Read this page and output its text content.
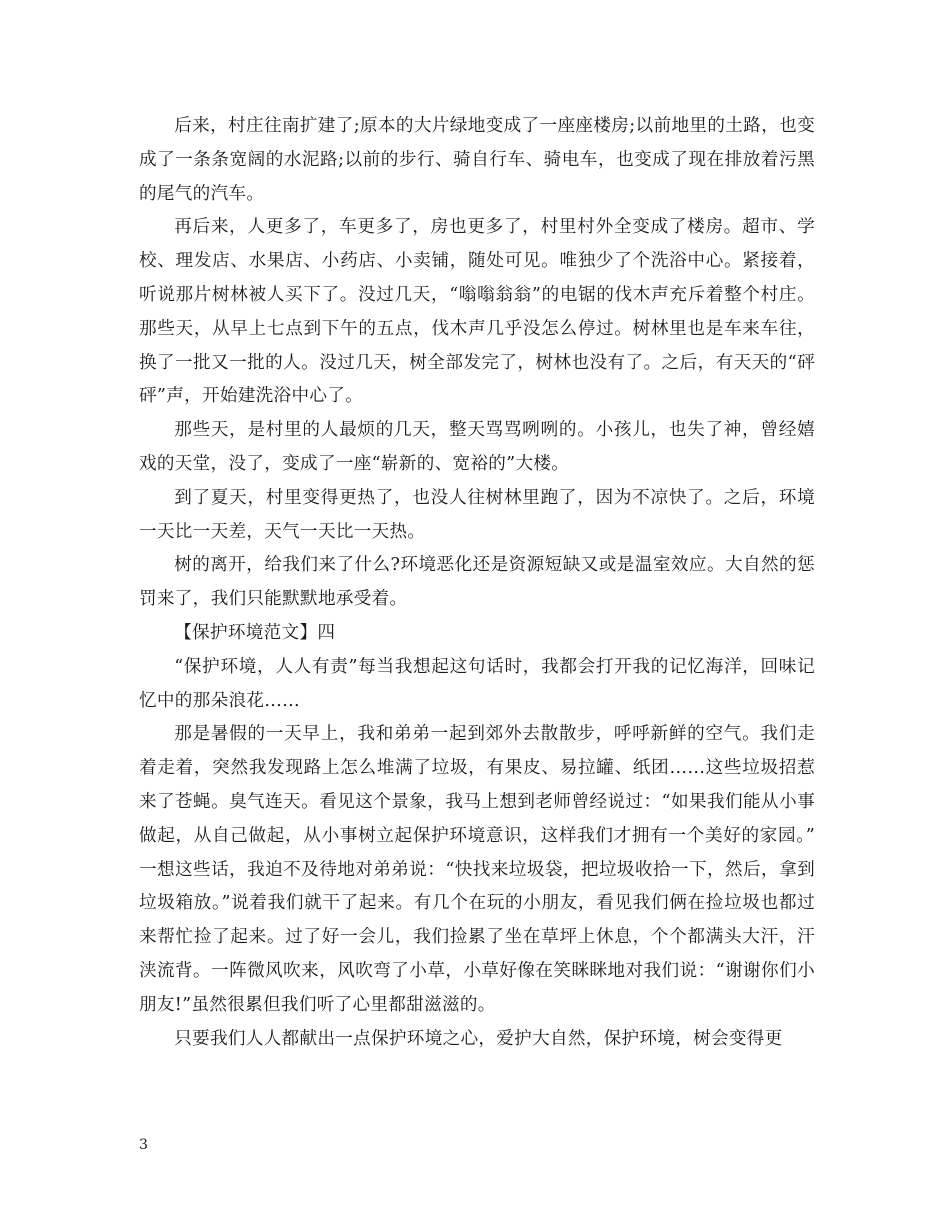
后来，村庄往南扩建了;原本的大片绿地变成了一座座楼房;以前地里的土路，也变成了一条条宽阔的水泥路;以前的步行、骑自行车、骑电车，也变成了现在排放着污黑的尾气的汽车。

再后来，人更多了，车更多了，房也更多了，村里村外全变成了楼房。超市、学校、理发店、水果店、小药店、小卖铺，随处可见。唯独少了个洗浴中心。紧接着，听说那片树林被人买下了。没过几天，“嗡嗡翁翁”的电锯的伐木声充斥着整个村庄。那些天，从早上七点到下午的五点，伐木声几乎没怎么停过。树林里也是车来车往，换了一批又一批的人。没过几天，树全部发完了，树林也没有了。之后，有天天的“砰砰”声，开始建洗浴中心了。

那些天，是村里的人最烦的几天，整天骂骂咧咧的。小孩儿，也失了神，曾经嬉戏的天堂，没了，变成了一座“崭新的、宽裕的”大楼。

到了夏天，村里变得更热了，也没人往树林里跑了，因为不凉快了。之后，环境一天比一天差，天气一天比一天热。

树的离开，给我们来了什么?环境恶化还是资源短缺又或是温室效应。大自然的惩罚来了，我们只能默默地承受着。

【保护环境范文】四

“保护环境，人人有责”每当我想起这句话时，我都会打开我的记忆海洋，回味记忆中的那朵浪花……

那是暑假的一天早上，我和弟弟一起到郊外去散散步，呼呼新鲜的空气。我们走着走着，突然我发现路上怎么堆满了垃圾，有果皮、易拉罐、纸团……这些垃圾招惹来了苍蝇。臭气连天。看见这个景象，我马上想到老师曾经说过：“如果我们能从小事做起，从自己做起，从小事树立起保护环境意识，这样我们才拥有一个美好的家园。”一想这些话，我迫不及待地对弟弟说：“快找来垃圾袋，把垃圾收拾一下，然后，拿到垃圾箱放。”说着我们就干了起来。有几个在玩的小朋友，看见我们俩在捡垃圾也都过来帮忙捡了起来。过了好一会儿，我们捡累了坐在草坪上休息，个个都满头大汗，汗浃流背。一阵微风吹来，风吹弯了小草，小草好像在笑眯眯地对我们说：“谢谢你们小朋友!”虽然很累但我们听了心里都甜滋滋的。

只要我们人人都献出一点保护环境之心，爱护大自然，保护环境，树会变得更

3
